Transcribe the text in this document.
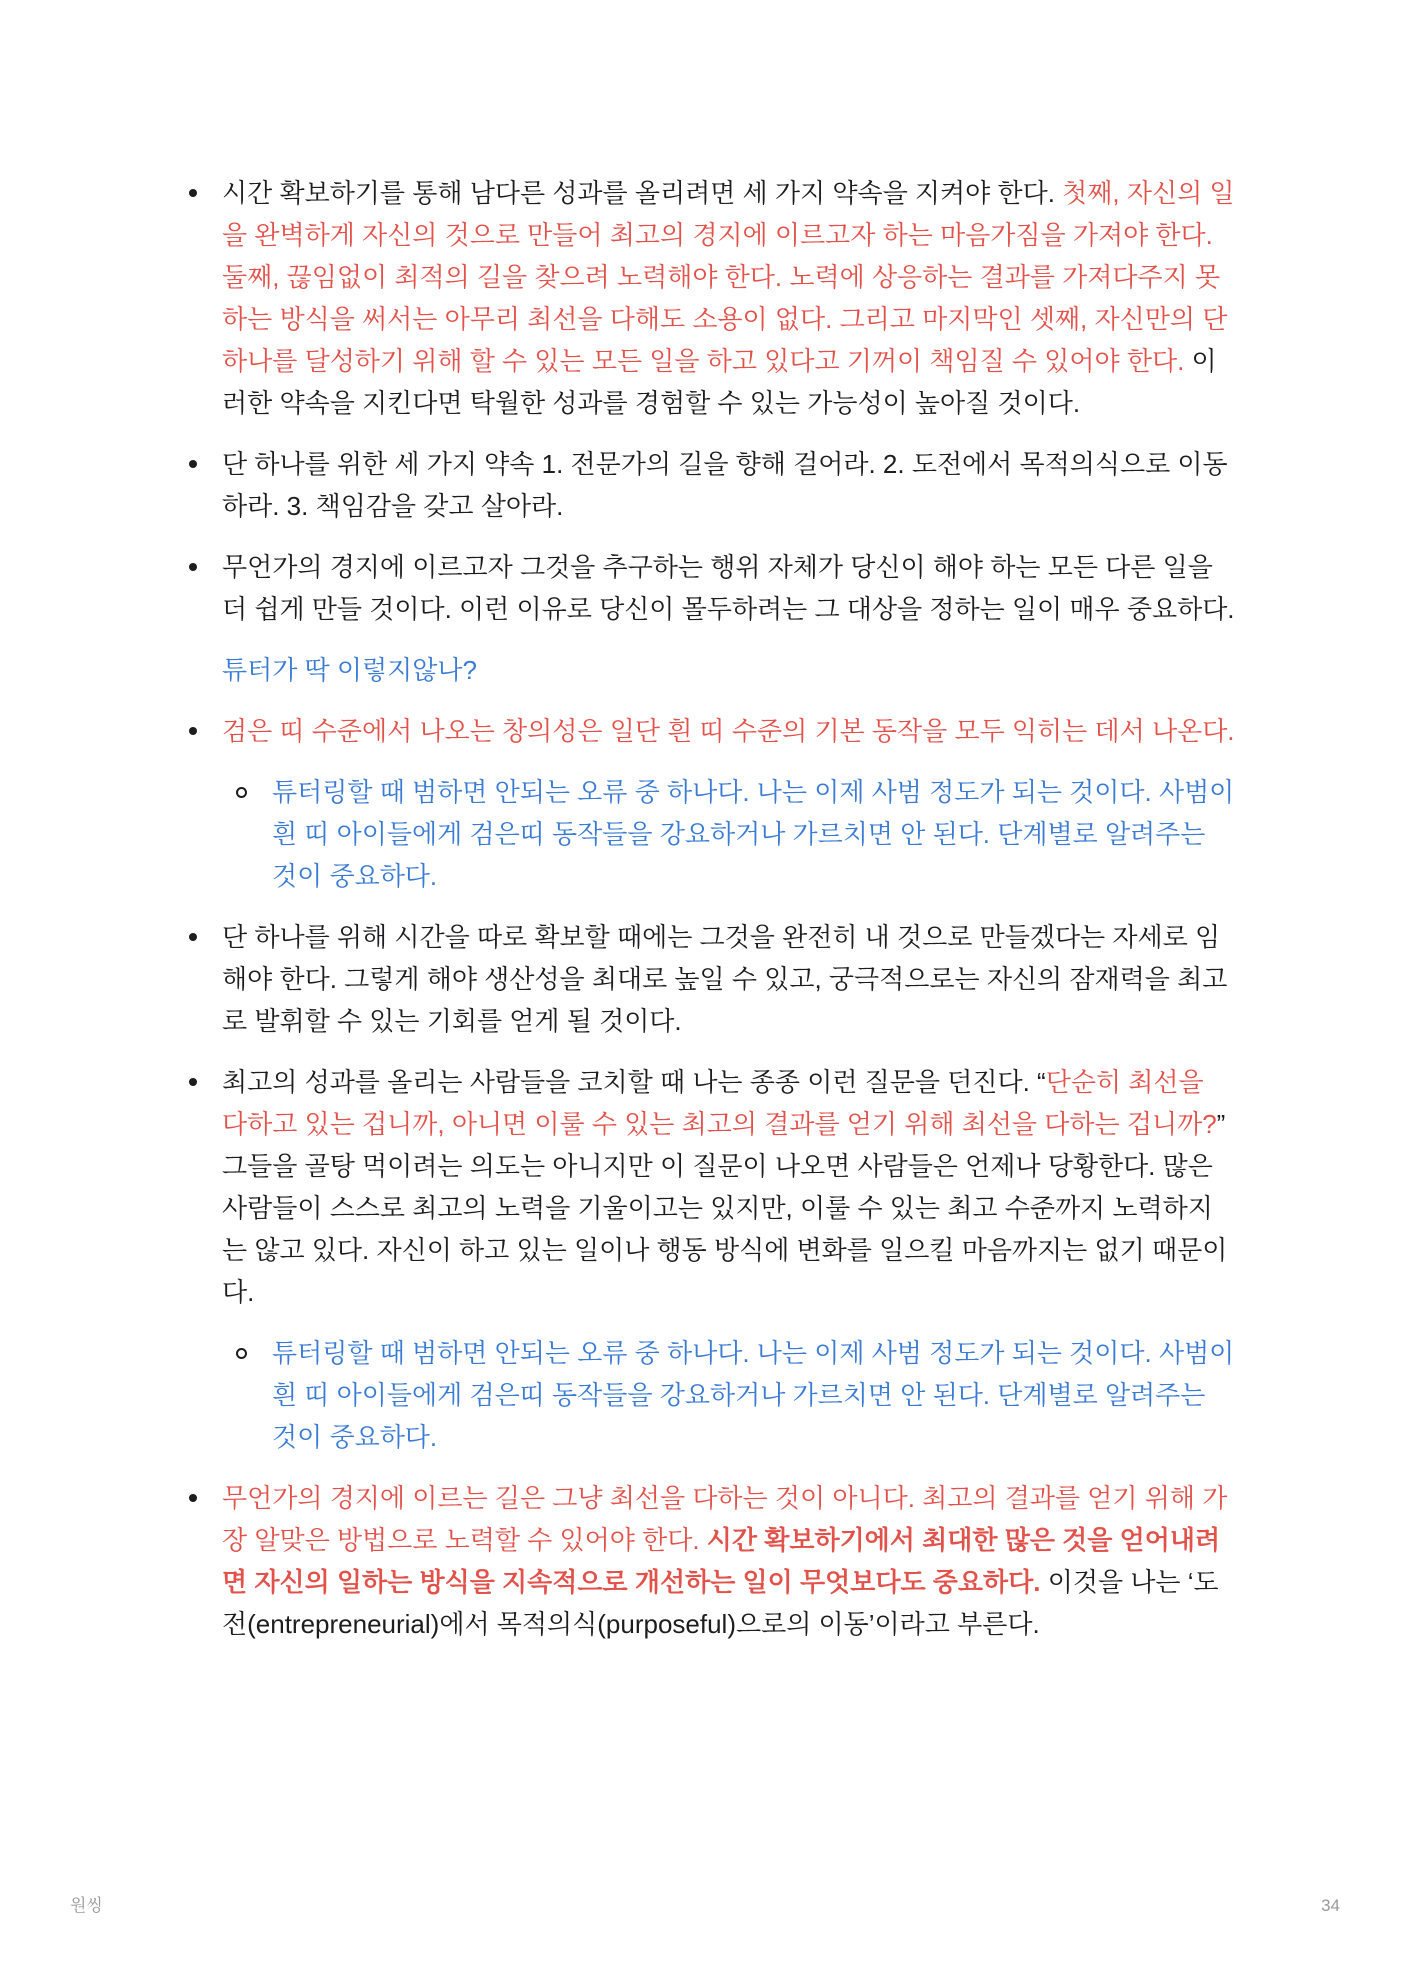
시간 확보하기를 통해 남다른 성과를 올리려면 세 가지 약속을 지켜야 한다. 첫째, 자신의 일을 완벽하게 자신의 것으로 만들어 최고의 경지에 이르고자 하는 마음가짐을 가져야 한다. 둘째, 끊임없이 최적의 길을 찾으려 노력해야 한다. 노력에 상응하는 결과를 가져다주지 못하는 방식을 써서는 아무리 최선을 다해도 소용이 없다. 그리고 마지막인 셋째, 자신만의 단 하나를 달성하기 위해 할 수 있는 모든 일을 하고 있다고 기꺼이 책임질 수 있어야 한다. 이러한 약속을 지킨다면 탁월한 성과를 경험할 수 있는 가능성이 높아질 것이다.
단 하나를 위한 세 가지 약속 1. 전문가의 길을 향해 걸어라. 2. 도전에서 목적의식으로 이동하라. 3. 책임감을 갖고 살아라.
무언가의 경지에 이르고자 그것을 추구하는 행위 자체가 당신이 해야 하는 모든 다른 일을 더 쉽게 만들 것이다. 이런 이유로 당신이 몰두하려는 그 대상을 정하는 일이 매우 중요하다.
튜터가 딱 이렇지않나?
검은 띠 수준에서 나오는 창의성은 일단 흰 띠 수준의 기본 동작을 모두 익히는 데서 나온다.
튜터링할 때 범하면 안되는 오류 중 하나다. 나는 이제 사범 정도가 되는 것이다. 사범이 흰 띠 아이들에게 검은띠 동작들을 강요하거나 가르치면 안 된다. 단계별로 알려주는 것이 중요하다.
단 하나를 위해 시간을 따로 확보할 때에는 그것을 완전히 내 것으로 만들겠다는 자세로 임해야 한다. 그렇게 해야 생산성을 최대로 높일 수 있고, 궁극적으로는 자신의 잠재력을 최고로 발휘할 수 있는 기회를 얻게 될 것이다.
최고의 성과를 올리는 사람들을 코치할 때 나는 종종 이런 질문을 던진다. “단순히 최선을 다하고 있는 겁니까, 아니면 이룰 수 있는 최고의 결과를 얻기 위해 최선을 다하는 겁니까?” 그들을 골탕 먹이려는 의도는 아니지만 이 질문이 나오면 사람들은 언제나 당황한다. 많은 사람들이 스스로 최고의 노력을 기울이고는 있지만, 이룰 수 있는 최고 수준까지 노력하지는 않고 있다. 자신이 하고 있는 일이나 행동 방식에 변화를 일으킬 마음까지는 없기 때문이다.
튜터링할 때 범하면 안되는 오류 중 하나다. 나는 이제 사범 정도가 되는 것이다. 사범이 흰 띠 아이들에게 검은띠 동작들을 강요하거나 가르치면 안 된다. 단계별로 알려주는 것이 중요하다.
무언가의 경지에 이르는 길은 그냥 최선을 다하는 것이 아니다. 최고의 결과를 얻기 위해 가장 알맞은 방법으로 노력할 수 있어야 한다. 시간 확보하기에서 최대한 많은 것을 얻어내려면 자신의 일하는 방식을 지속적으로 개선하는 일이 무엇보다도 중요하다. 이것을 나는 ‘도전(entrepreneurial)에서 목적의식(purposeful)으로의 이동’이라고 부른다.
원씽	34
